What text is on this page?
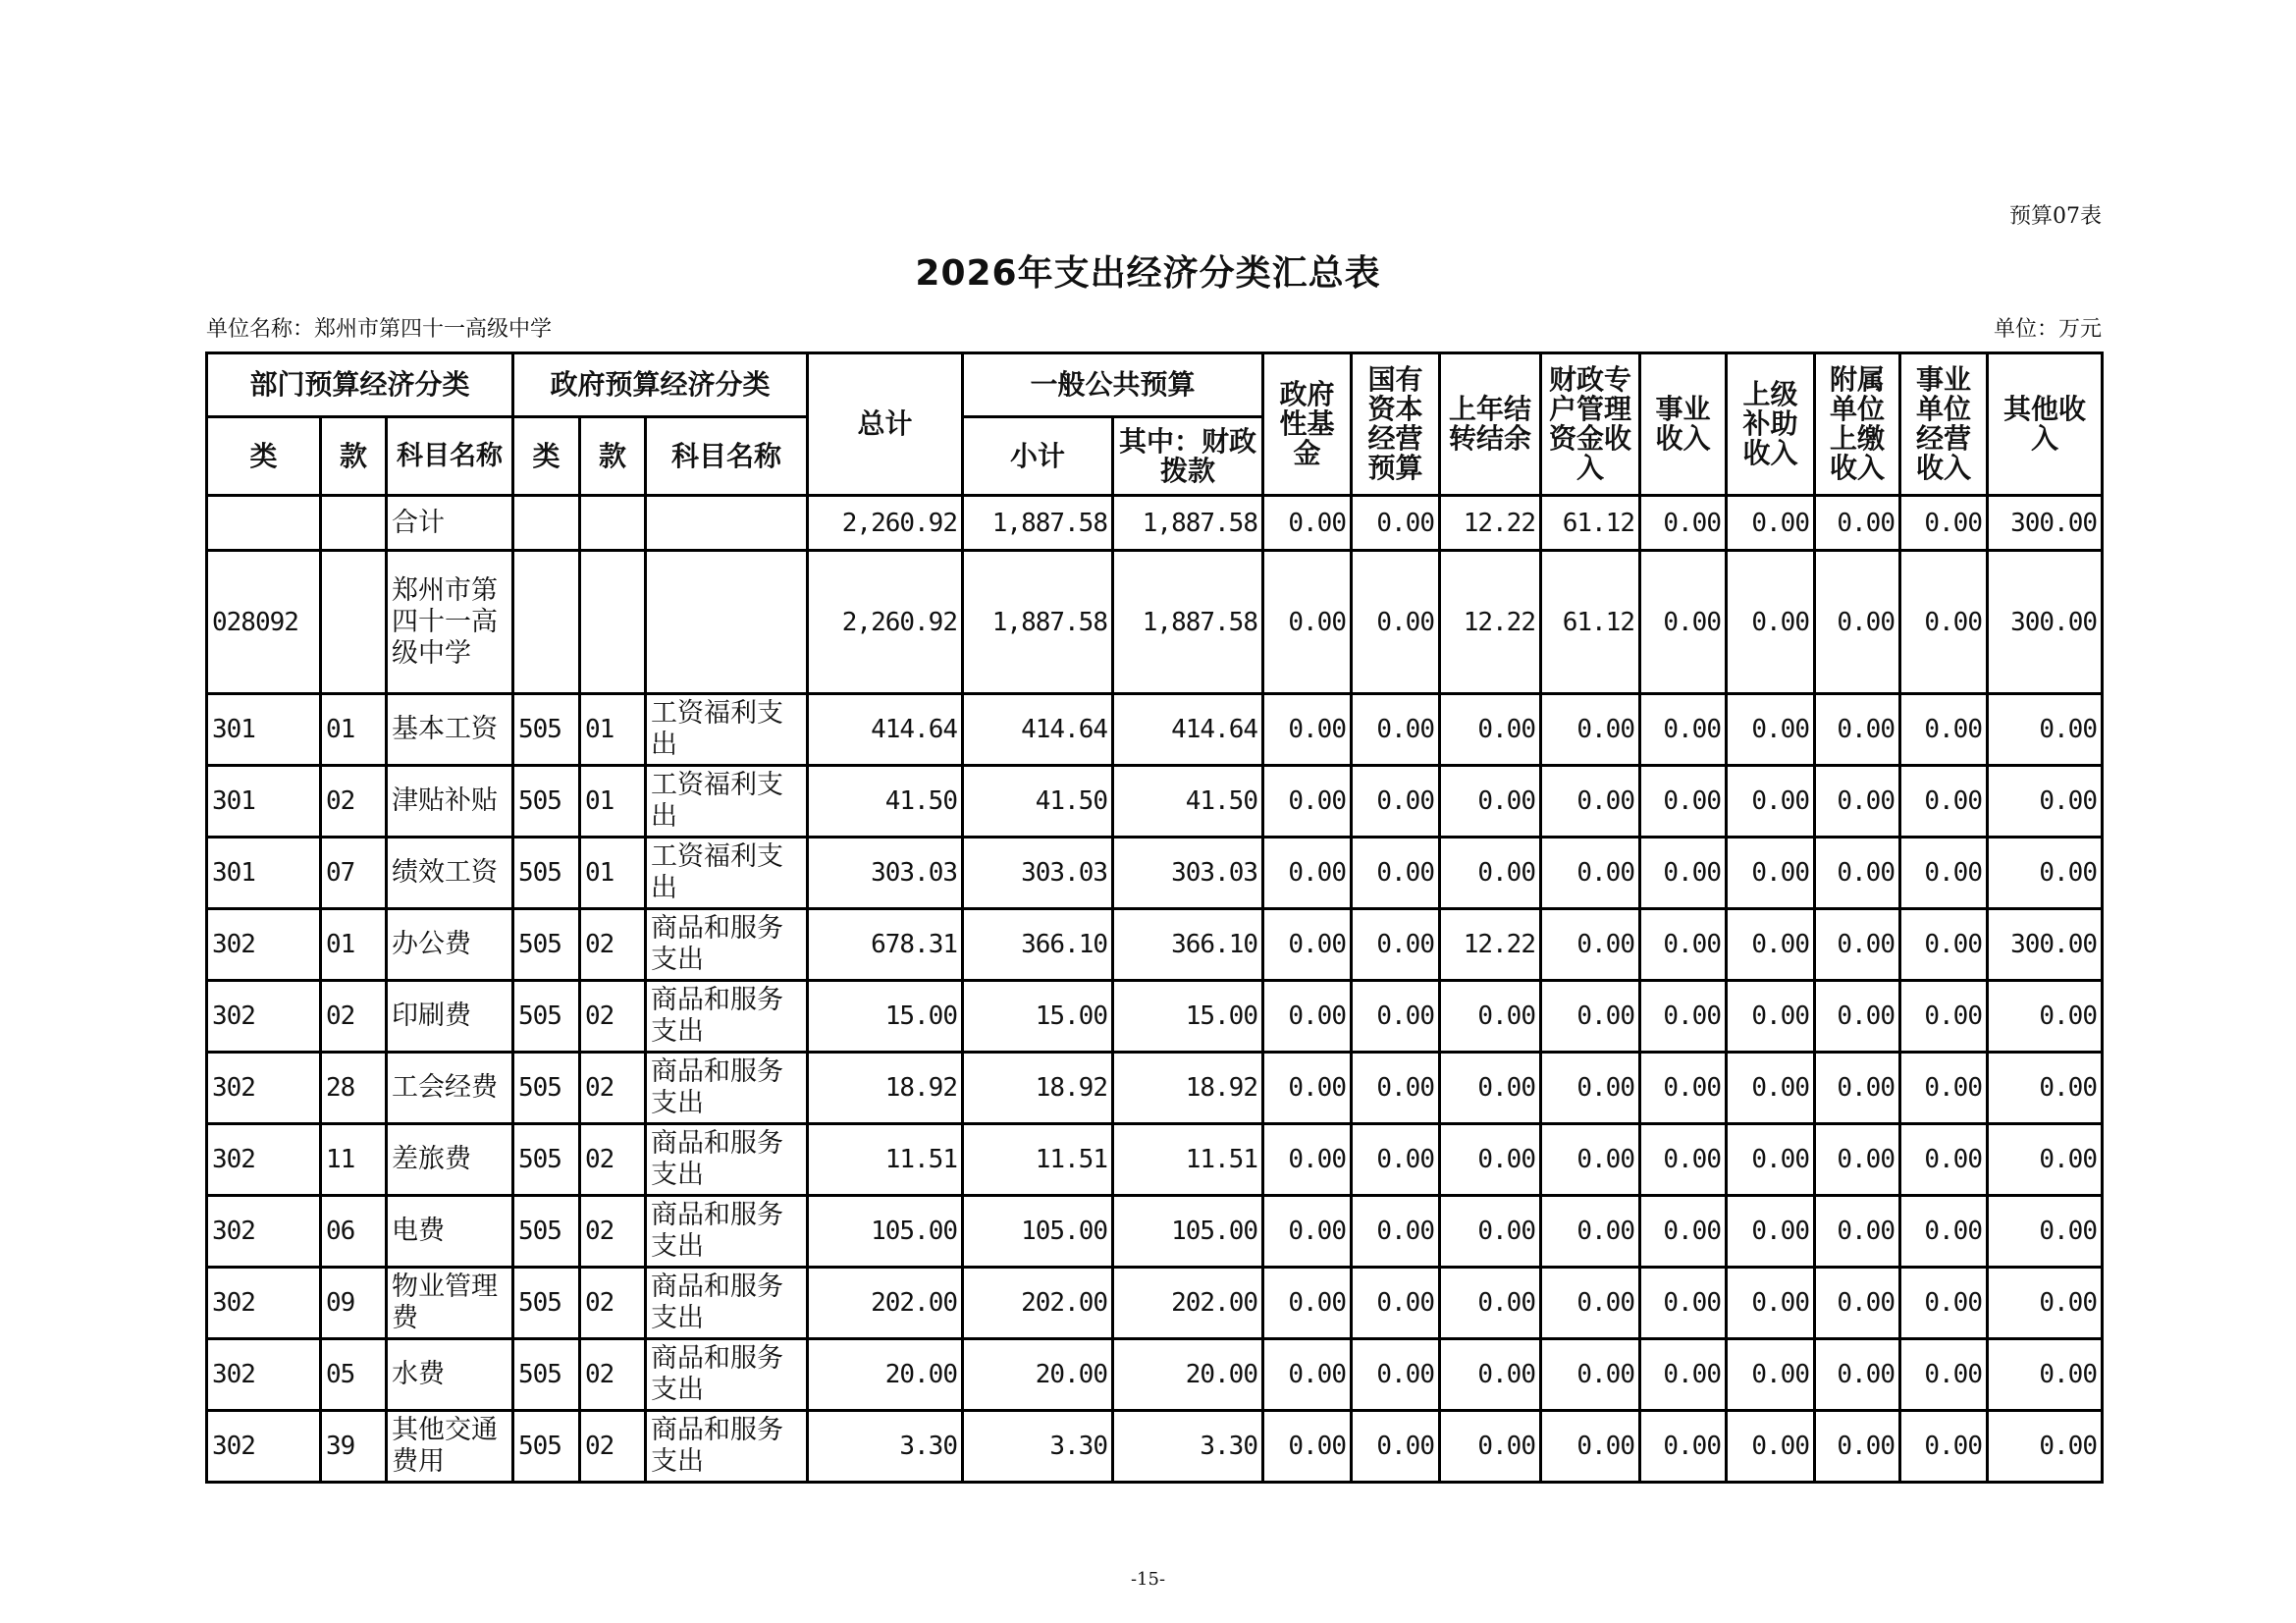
预算07表
2026年支出经济分类汇总表
单位名称：郑州市第四十一高级中学	单位：万元
部门预算经济分类			政府预算经济分类			总计	一般公共预算		政府性基金	国有资本经营预算	上年结转结余	财政专户管理资金收入	事业收入	上级补助收入	附属单位上缴收入	事业单位经营收入	其他收入
类	款	科目名称	类	款	科目名称		小计	其中：财政拨款									
		合计				2,260.92	1,887.58	1,887.58	0.00	0.00	12.22	61.12	0.00	0.00	0.00	0.00	300.00
028092		郑州市第四十一高级中学				2,260.92	1,887.58	1,887.58	0.00	0.00	12.22	61.12	0.00	0.00	0.00	0.00	300.00
301	01	基本工资	505	01	工资福利支出	414.64	414.64	414.64	0.00	0.00	0.00	0.00	0.00	0.00	0.00	0.00	0.00
301	02	津贴补贴	505	01	工资福利支出	41.50	41.50	41.50	0.00	0.00	0.00	0.00	0.00	0.00	0.00	0.00	0.00
301	07	绩效工资	505	01	工资福利支出	303.03	303.03	303.03	0.00	0.00	0.00	0.00	0.00	0.00	0.00	0.00	0.00
302	01	办公费	505	02	商品和服务支出	678.31	366.10	366.10	0.00	0.00	12.22	0.00	0.00	0.00	0.00	0.00	300.00
302	02	印刷费	505	02	商品和服务支出	15.00	15.00	15.00	0.00	0.00	0.00	0.00	0.00	0.00	0.00	0.00	0.00
302	28	工会经费	505	02	商品和服务支出	18.92	18.92	18.92	0.00	0.00	0.00	0.00	0.00	0.00	0.00	0.00	0.00
302	11	差旅费	505	02	商品和服务支出	11.51	11.51	11.51	0.00	0.00	0.00	0.00	0.00	0.00	0.00	0.00	0.00
302	06	电费	505	02	商品和服务支出	105.00	105.00	105.00	0.00	0.00	0.00	0.00	0.00	0.00	0.00	0.00	0.00
302	09	物业管理费	505	02	商品和服务支出	202.00	202.00	202.00	0.00	0.00	0.00	0.00	0.00	0.00	0.00	0.00	0.00
302	05	水费	505	02	商品和服务支出	20.00	20.00	20.00	0.00	0.00	0.00	0.00	0.00	0.00	0.00	0.00	0.00
302	39	其他交通费用	505	02	商品和服务支出	3.30	3.30	3.30	0.00	0.00	0.00	0.00	0.00	0.00	0.00	0.00	0.00
-15-
